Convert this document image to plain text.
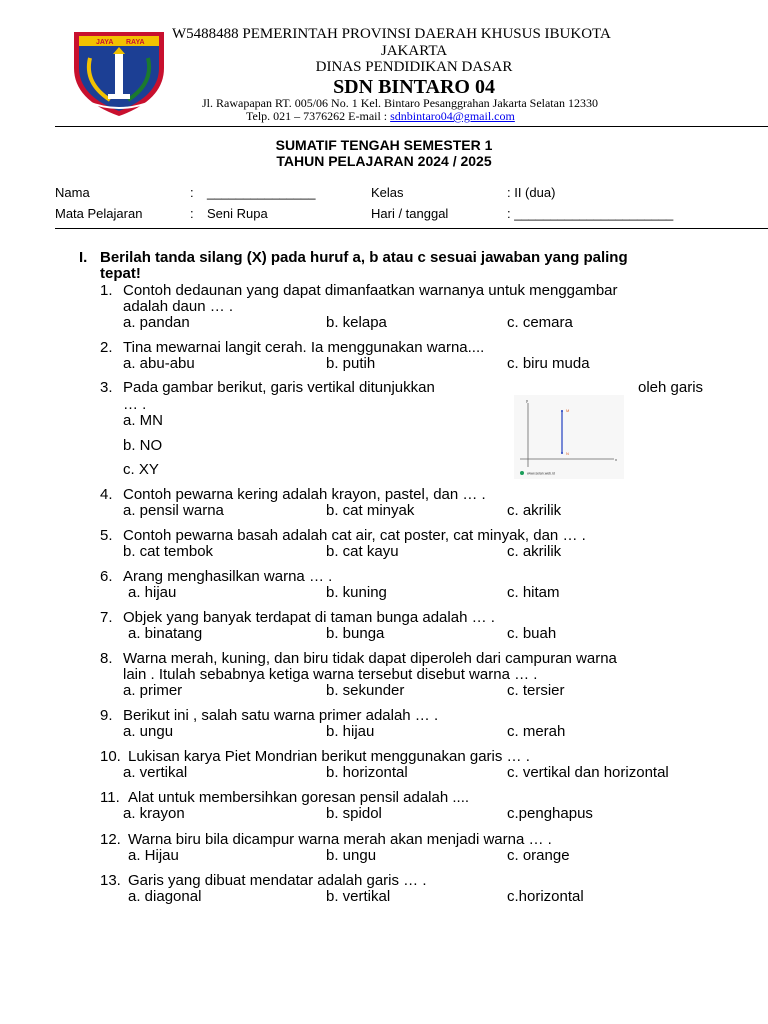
JAYA RAYA
W5488488 PEMERINTAH PROVINSI DAERAH KHUSUS IBUKOTA
JAKARTA
DINAS PENDIDIKAN DASAR
SDN BINTARO 04
Jl. Rawapapan RT. 005/06 No. 1 Kel. Bintaro Pesanggrahan Jakarta Selatan 12330
Telp. 021 – 7376262 E-mail : sdnbintaro04@gmail.com
SUMATIF TENGAH SEMESTER 1
TAHUN PELAJARAN 2024 / 2025
Nama	: _______________	Kelas	: II (dua)
Mata Pelajaran	: Seni Rupa	Hari / tanggal	: ______________________
I. Berilah tanda silang (X) pada huruf a, b atau c sesuai jawaban yang paling
tepat!
1. Contoh dedaunan yang dapat dimanfaatkan warnanya untuk menggambar
adalah daun … .
a. pandan	b. kelapa	c. cemara
2. Tina mewarnai langit cerah. Ia menggunakan warna....
a. abu-abu	b. putih	c. biru muda
3. Pada gambar berikut, garis vertikal ditunjukkan	oleh garis
… .
a. MN
b. NO
c. XY
y
x
M
N
www.selan.web.id
4. Contoh pewarna kering adalah krayon, pastel, dan … .
a. pensil warna	b. cat minyak	c. akrilik
5. Contoh pewarna basah adalah cat air, cat poster, cat minyak, dan … .
b. cat tembok	b. cat kayu	c. akrilik
6. Arang menghasilkan warna … .
a. hijau	b. kuning	c. hitam
7. Objek yang banyak terdapat di taman bunga adalah … .
a. binatang	b. bunga	c. buah
8. Warna merah, kuning, dan biru tidak dapat diperoleh dari campuran warna
lain . Itulah sebabnya ketiga warna tersebut disebut warna … .
a. primer	b. sekunder	c. tersier
9. Berikut ini , salah satu warna primer adalah … .
a. ungu	b. hijau	c. merah
10. Lukisan karya Piet Mondrian berikut menggunakan garis … .
a. vertikal	b. horizontal	c. vertikal dan horizontal
11. Alat untuk membersihkan goresan pensil adalah ....
a. krayon	b. spidol	c.penghapus
12. Warna biru bila dicampur warna merah akan menjadi warna … .
a. Hijau	b. ungu	c. orange
13. Garis yang dibuat mendatar adalah garis … .
a. diagonal	b. vertikal	c.horizontal
